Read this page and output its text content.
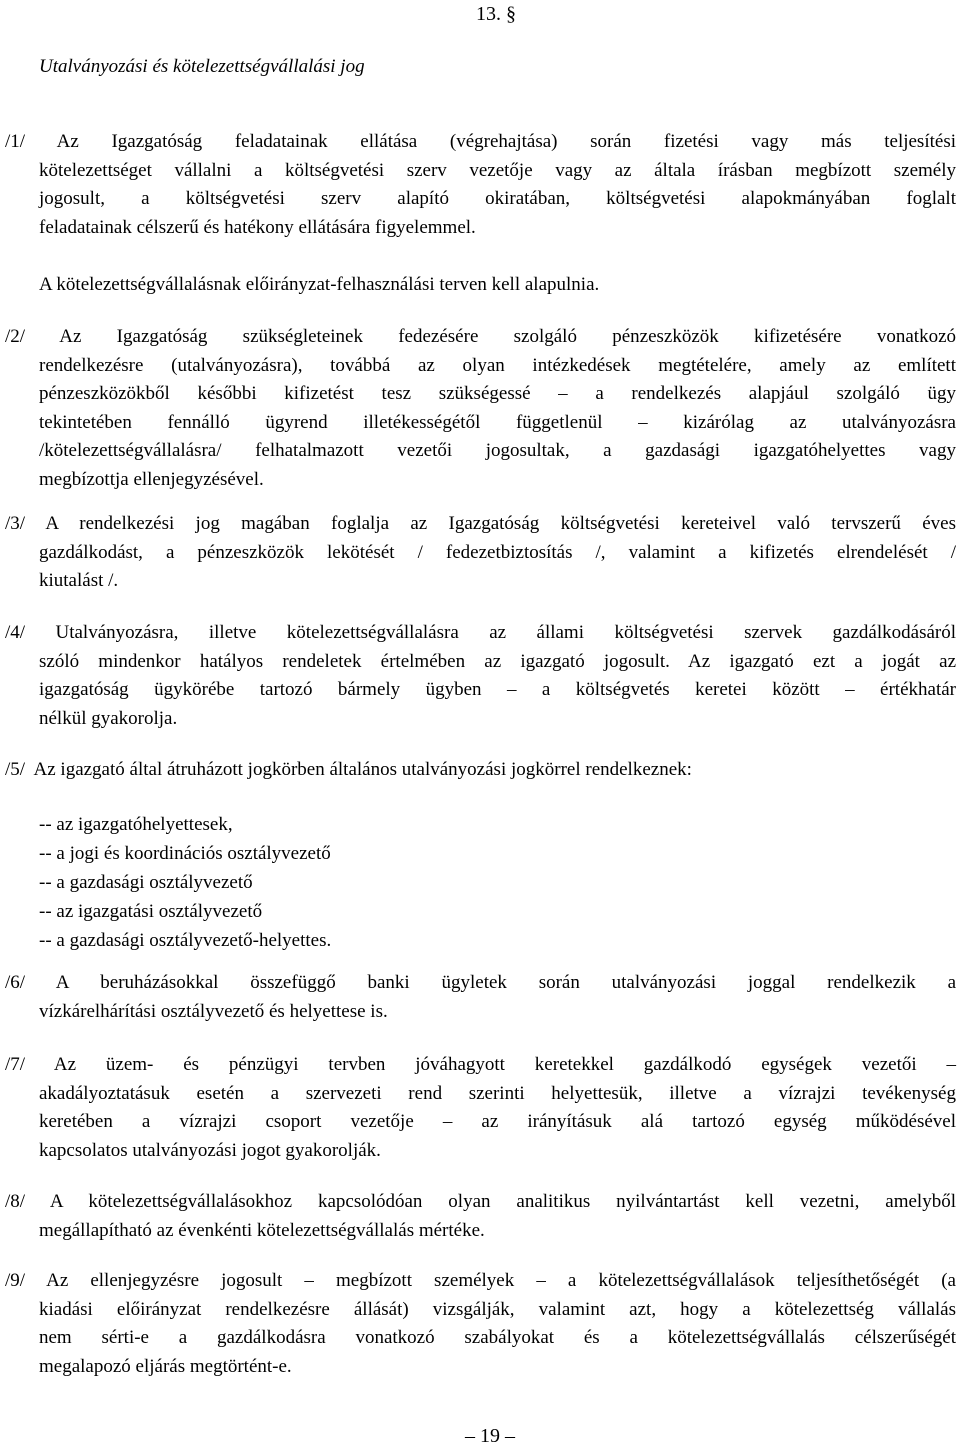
13. §
Utalványozási és kötelezettségvállalási jog
/1/ Az Igazgatóság feladatainak ellátása (végrehajtása) során fizetési vagy más teljesítési
kötelezettséget vállalni a költségvetési szerv vezetője vagy az általa írásban megbízott személy
jogosult, a költségvetési szerv alapító okiratában, költségvetési alapokmányában foglalt
feladatainak célszerű és hatékony ellátására figyelemmel.
A kötelezettségvállalásnak előirányzat-felhasználási terven kell alapulnia.
/2/ Az Igazgatóság szükségleteinek fedezésére szolgáló pénzeszközök kifizetésére vonatkozó
rendelkezésre (utalványozásra), továbbá az olyan intézkedések megtételére, amely az említett
pénzeszközökből későbbi kifizetést tesz szükségessé – a rendelkezés alapjául szolgáló ügy
tekintetében fennálló ügyrend illetékességétől függetlenül – kizárólag az utalványozásra
/kötelezettségvállalásra/ felhatalmazott vezetői jogosultak, a gazdasági igazgatóhelyettes vagy
megbízottja ellenjegyzésével.
/3/ A rendelkezési jog magában foglalja az Igazgatóság költségvetési kereteivel való tervszerű éves
gazdálkodást, a pénzeszközök lekötését / fedezetbiztosítás /, valamint a kifizetés elrendelését /
kiutalást /.
/4/ Utalványozásra, illetve kötelezettségvállalásra az állami költségvetési szervek gazdálkodásáról
szóló mindenkor hatályos rendeletek értelmében az igazgató jogosult. Az igazgató ezt a jogát az
igazgatóság ügykörébe tartozó bármely ügyben – a költségvetés keretei között – értékhatár
nélkül gyakorolja.
/5/  Az igazgató által átruházott jogkörben általános utalványozási jogkörrel rendelkeznek:
-- az igazgatóhelyettesek,
-- a jogi és koordinációs osztályvezető
-- a gazdasági osztályvezető
-- az igazgatási osztályvezető
-- a gazdasági osztályvezető-helyettes.
/6/ A beruházásokkal összefüggő banki ügyletek során utalványozási joggal rendelkezik a
vízkárelhárítási osztályvezető és helyettese is.
/7/ Az üzem- és pénzügyi tervben jóváhagyott keretekkel gazdálkodó egységek vezetői –
akadályoztatásuk esetén a szervezeti rend szerinti helyettesük, illetve a vízrajzi tevékenység
keretében a vízrajzi csoport vezetője – az irányításuk alá tartozó egység működésével
kapcsolatos utalványozási jogot gyakorolják.
/8/ A kötelezettségvállalásokhoz kapcsolódóan olyan analitikus nyilvántartást kell vezetni, amelyből
megállapítható az évenkénti kötelezettségvállalás mértéke.
/9/ Az ellenjegyzésre jogosult – megbízott személyek – a kötelezettségvállalások teljesíthetőségét (a
kiadási előirányzat rendelkezésre állását) vizsgálják, valamint azt, hogy a kötelezettség vállalás
nem sérti-e a gazdálkodásra vonatkozó szabályokat és a kötelezettségvállalás célszerűségét
megalapozó eljárás megtörtént-e.
– 19 –
